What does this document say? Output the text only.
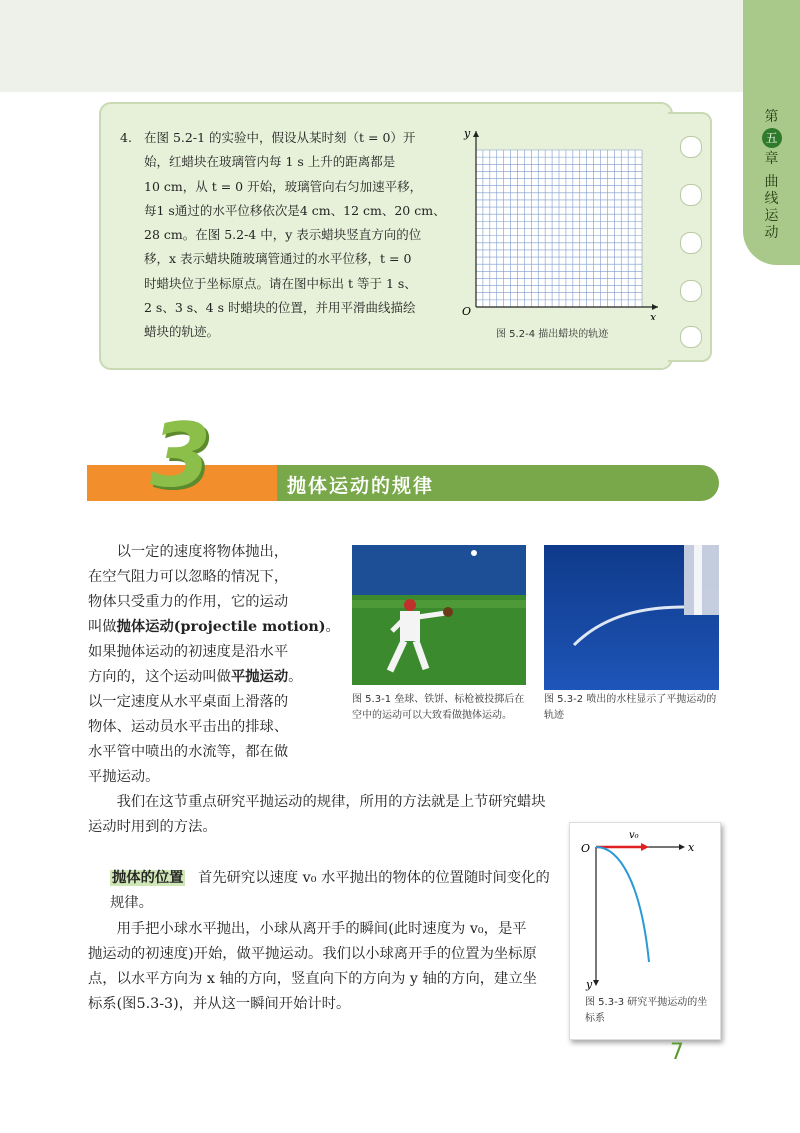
第
五
章
曲线运动
4. 在图 5.2-1 的实验中，假设从某时刻（t = 0）开
始，红蜡块在玻璃管内每 1 s 上升的距离都是
10 cm，从 t = 0 开始，玻璃管向右匀加速平移，
每1 s通过的水平位移依次是4 cm、12 cm、20 cm、
28 cm。在图 5.2-4 中，y 表示蜡块竖直方向的位
移，x 表示蜡块随玻璃管通过的水平位移，t = 0
时蜡块位于坐标原点。请在图中标出 t 等于 1 s、
2 s、3 s、4 s 时蜡块的位置，并用平滑曲线描绘
蜡块的轨迹。
y
x
O
图 5.2-4 描出蜡块的轨迹
3	抛体运动的规律
以一定的速度将物体抛出，
在空气阻力可以忽略的情况下，
物体只受重力的作用，它的运动
叫做抛体运动(projectile motion)。
如果抛体运动的初速度是沿水平
方向的，这个运动叫做平抛运动。
以一定速度从水平桌面上滑落的
物体、运动员水平击出的排球、
水平管中喷出的水流等，都在做
平抛运动。
图 5.3-1 垒球、铁饼、标枪被投掷后在空中的运动可以大致看做抛体运动。
图 5.3-2 喷出的水柱显示了平抛运动的轨迹
我们在这节重点研究平抛运动的规律，所用的方法就是上节研究蜡块运动时用到的方法。
抛体的位置 首先研究以速度 v₀ 水平抛出的物体的位置随时间变化的规律。
用手把小球水平抛出，小球从离开手的瞬间(此时速度为 v₀，是平抛运动的初速度)开始，做平抛运动。我们以小球离开手的位置为坐标原点，以水平方向为 x 轴的方向，竖直向下的方向为 y 轴的方向，建立坐标系(图5.3-3)，并从这一瞬间开始计时。
O	x
y
v₀
图 5.3-3 研究平抛运动的坐标系
7
